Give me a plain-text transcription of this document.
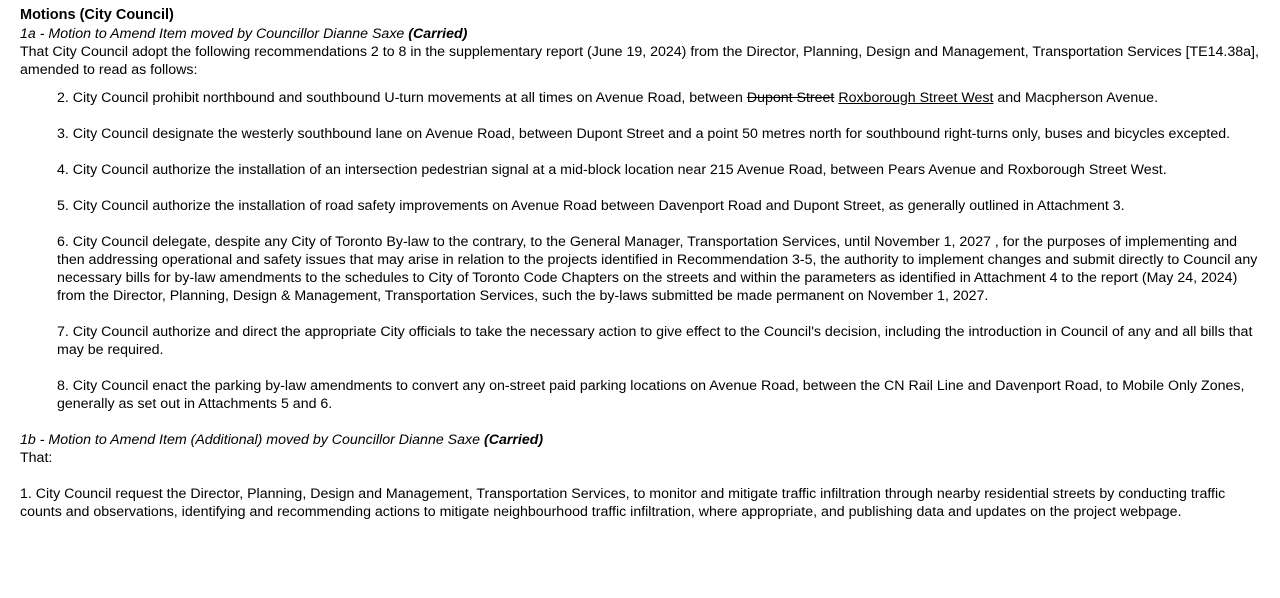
Motions (City Council)
1a - Motion to Amend Item moved by Councillor Dianne Saxe (Carried)
That City Council adopt the following recommendations 2 to 8 in the supplementary report (June 19, 2024) from the Director, Planning, Design and Management, Transportation Services [TE14.38a], amended to read as follows:
2. City Council prohibit northbound and southbound U-turn movements at all times on Avenue Road, between Dupont Street Roxborough Street West and Macpherson Avenue.
3. City Council designate the westerly southbound lane on Avenue Road, between Dupont Street and a point 50 metres north for southbound right-turns only, buses and bicycles excepted.
4. City Council authorize the installation of an intersection pedestrian signal at a mid-block location near 215 Avenue Road, between Pears Avenue and Roxborough Street West.
5. City Council authorize the installation of road safety improvements on Avenue Road between Davenport Road and Dupont Street, as generally outlined in Attachment 3.
6. City Council delegate, despite any City of Toronto By-law to the contrary, to the General Manager, Transportation Services, until November 1, 2027 , for the purposes of implementing and then addressing operational and safety issues that may arise in relation to the projects identified in Recommendation 3-5, the authority to implement changes and submit directly to Council any necessary bills for by-law amendments to the schedules to City of Toronto Code Chapters on the streets and within the parameters as identified in Attachment 4 to the report (May 24, 2024) from the Director, Planning, Design & Management, Transportation Services, such the by-laws submitted be made permanent on November 1, 2027.
7. City Council authorize and direct the appropriate City officials to take the necessary action to give effect to the Council's decision, including the introduction in Council of any and all bills that may be required.
8. City Council enact the parking by-law amendments to convert any on-street paid parking locations on Avenue Road, between the CN Rail Line and Davenport Road, to Mobile Only Zones, generally as set out in Attachments 5 and 6.
1b - Motion to Amend Item (Additional) moved by Councillor Dianne Saxe (Carried)
That:
1. City Council request the Director, Planning, Design and Management, Transportation Services, to monitor and mitigate traffic infiltration through nearby residential streets by conducting traffic counts and observations, identifying and recommending actions to mitigate neighbourhood traffic infiltration, where appropriate, and publishing data and updates on the project webpage.
